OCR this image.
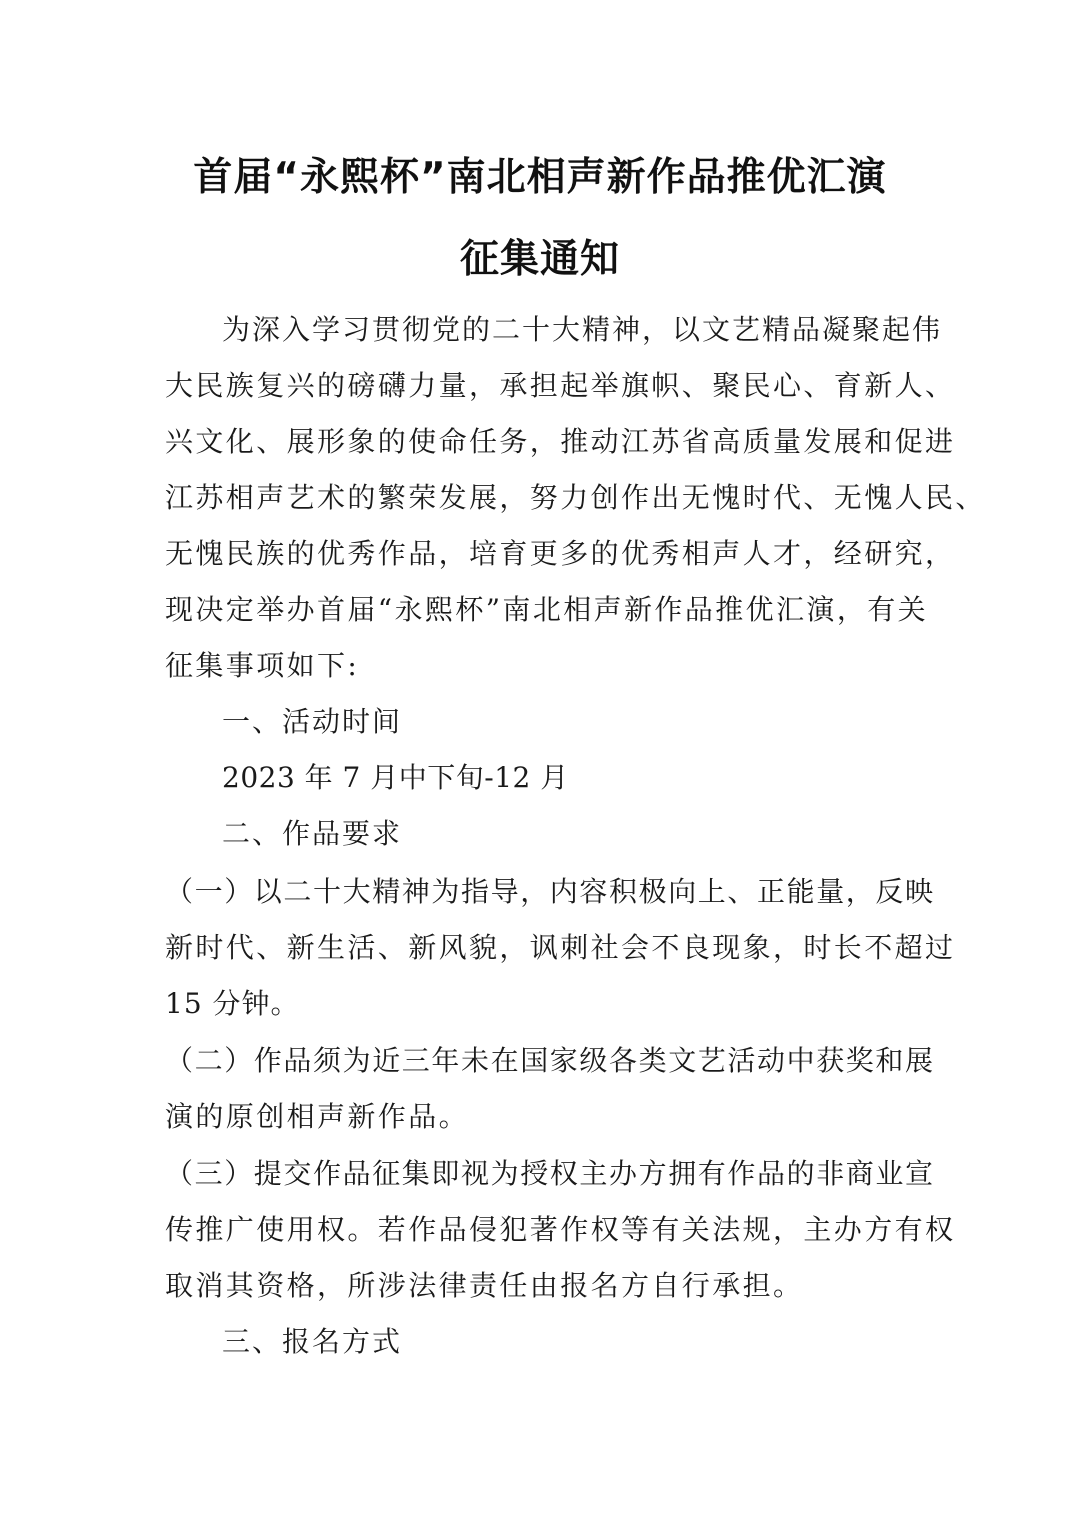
首届“永熙杯”南北相声新作品推优汇演
征集通知
为深入学习贯彻党的二十大精神，以文艺精品凝聚起伟
大民族复兴的磅礴力量，承担起举旗帜、聚民心、育新人、
兴文化、展形象的使命任务，推动江苏省高质量发展和促进
江苏相声艺术的繁荣发展，努力创作出无愧时代、无愧人民、
无愧民族的优秀作品，培育更多的优秀相声人才，经研究，
现决定举办首届“永熙杯”南北相声新作品推优汇演，有关
征集事项如下:
一、活动时间
2023 年 7 月中下旬-12 月
二、作品要求
（一）以二十大精神为指导，内容积极向上、正能量，反映
新时代、新生活、新风貌，讽刺社会不良现象，时长不超过
15 分钟。
（二）作品须为近三年未在国家级各类文艺活动中获奖和展
演的原创相声新作品。
（三）提交作品征集即视为授权主办方拥有作品的非商业宣
传推广使用权。若作品侵犯著作权等有关法规，主办方有权
取消其资格，所涉法律责任由报名方自行承担。
三、报名方式
